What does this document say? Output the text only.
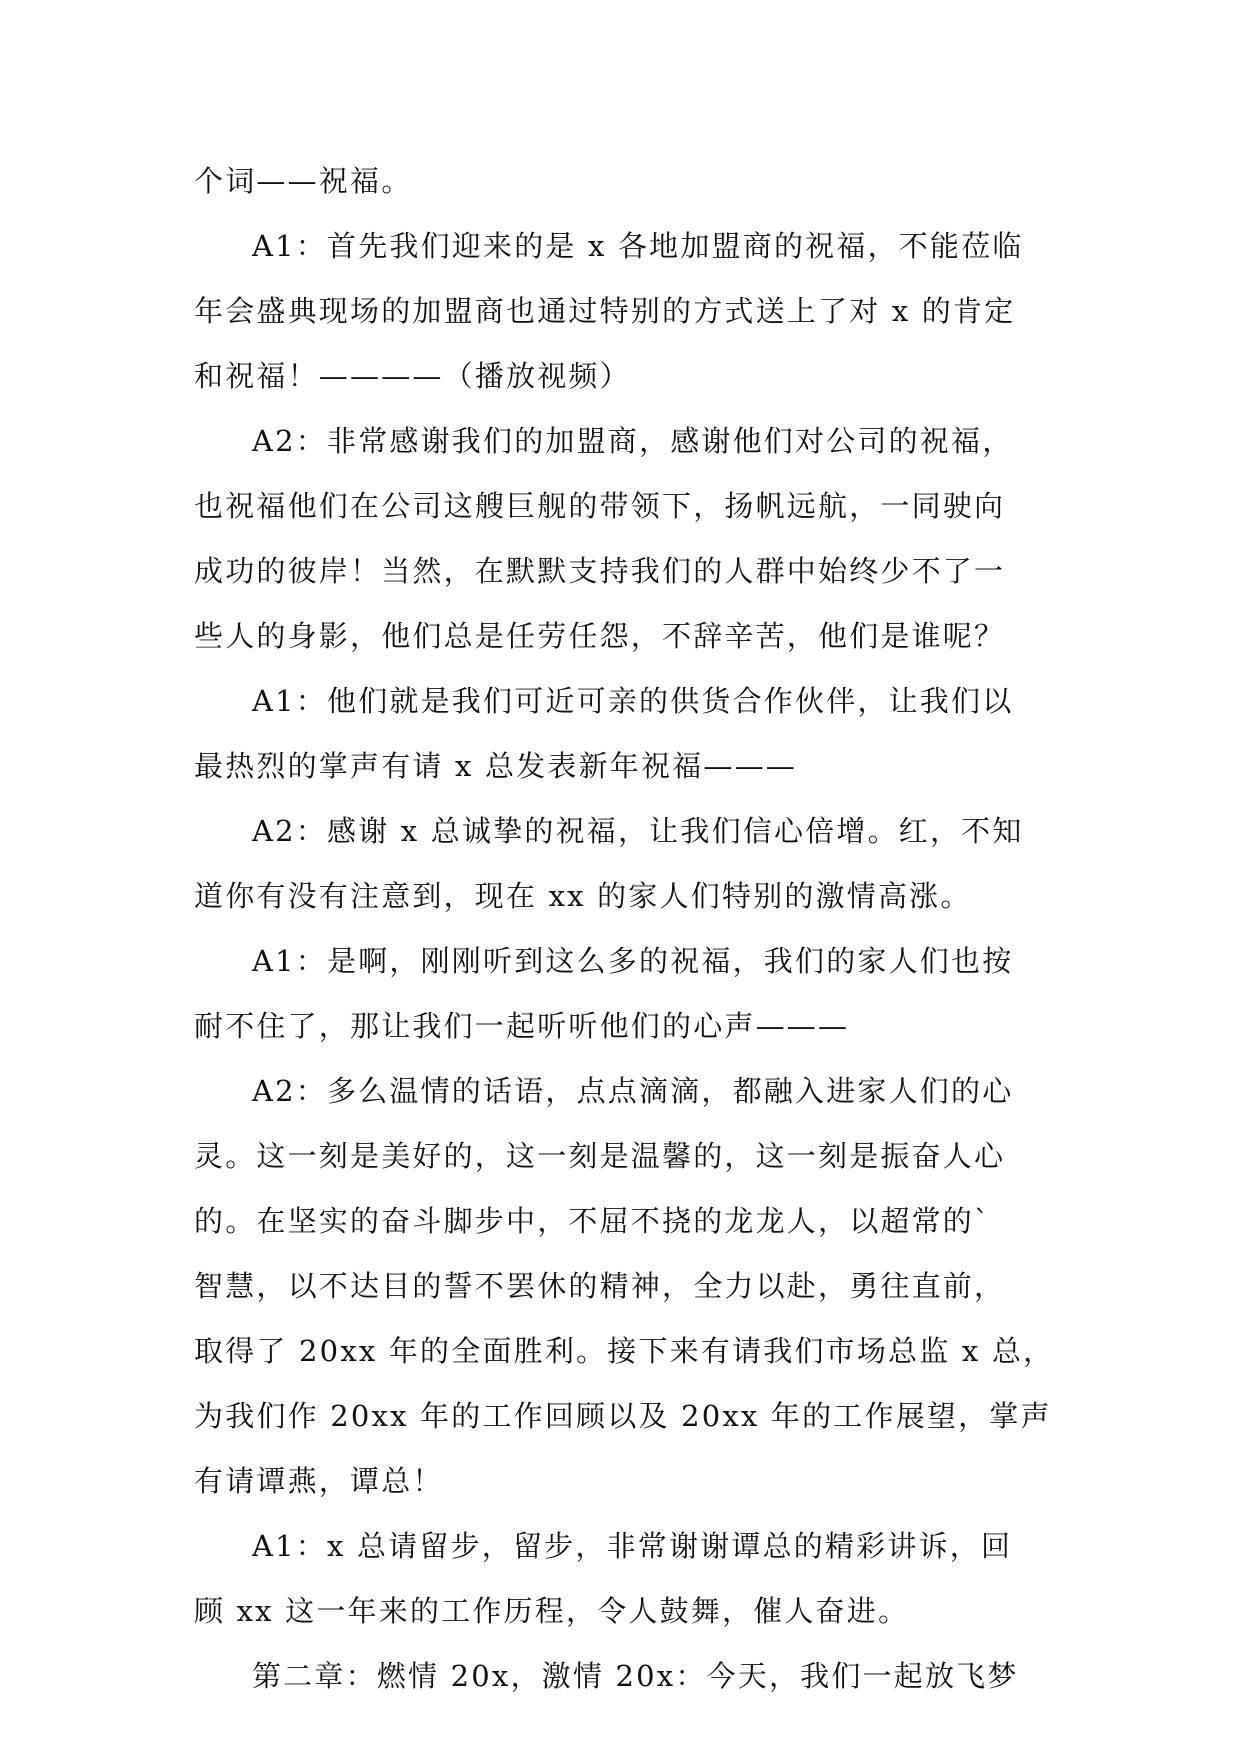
个词——祝福。
A1：首先我们迎来的是 x 各地加盟商的祝福，不能莅临
年会盛典现场的加盟商也通过特别的方式送上了对 x 的肯定
和祝福！————（播放视频）
A2：非常感谢我们的加盟商，感谢他们对公司的祝福，
也祝福他们在公司这艘巨舰的带领下，扬帆远航，一同驶向
成功的彼岸！当然，在默默支持我们的人群中始终少不了一
些人的身影，他们总是任劳任怨，不辞辛苦，他们是谁呢？
A1：他们就是我们可近可亲的供货合作伙伴，让我们以
最热烈的掌声有请 x 总发表新年祝福———
A2：感谢 x 总诚挚的祝福，让我们信心倍增。红，不知
道你有没有注意到，现在 xx 的家人们特别的激情高涨。
A1：是啊，刚刚听到这么多的祝福，我们的家人们也按
耐不住了，那让我们一起听听他们的心声———
A2：多么温情的话语，点点滴滴，都融入进家人们的心
灵。这一刻是美好的，这一刻是温馨的，这一刻是振奋人心
的。在坚实的奋斗脚步中，不屈不挠的龙龙人，以超常的`
智慧，以不达目的誓不罢休的精神，全力以赴，勇往直前，
取得了 20xx 年的全面胜利。接下来有请我们市场总监 x 总，
为我们作 20xx 年的工作回顾以及 20xx 年的工作展望，掌声
有请谭燕，谭总！
A1：x 总请留步，留步，非常谢谢谭总的精彩讲诉，回
顾 xx 这一年来的工作历程，令人鼓舞，催人奋进。
第二章：燃情 20x，激情 20x：今天，我们一起放飞梦
